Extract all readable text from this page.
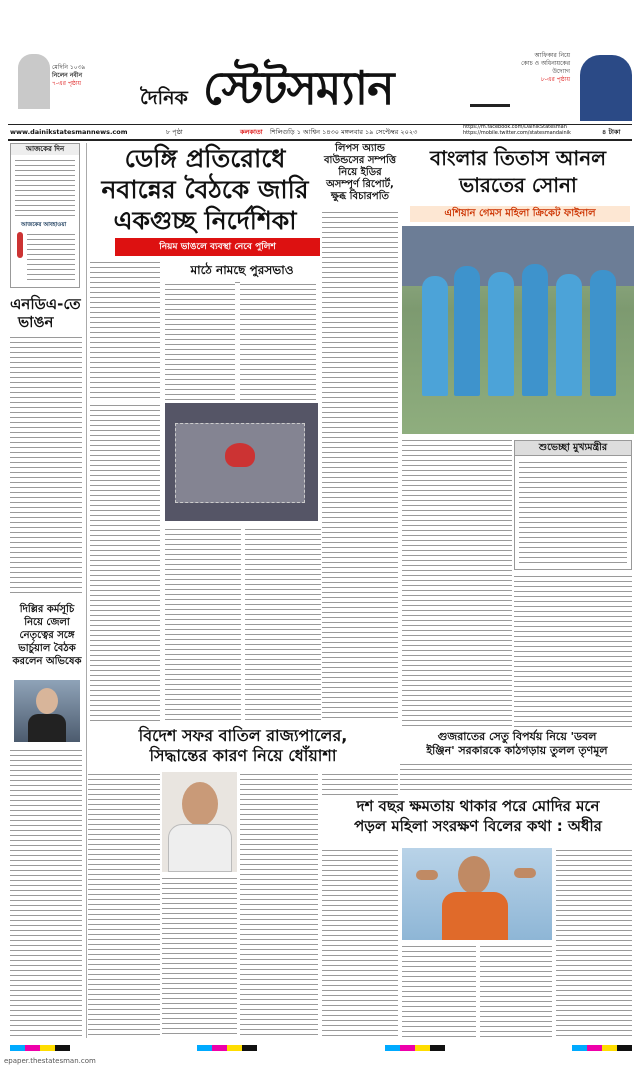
মেদিনি ১০৩৯
নিলেন নবীন
৭-এর পৃষ্ঠায়
দৈনিক স্টেটসম্যান
আফিকার নিয়ে
কোচ ও অধিনায়কের
উদ্যোগ
৮-এর পৃষ্ঠায়
www.dainikstatesmannews.com	৮ পৃষ্ঠা	কলকাতা শিলিগুড়ি ১ আশ্বিন ১৪৩০ মঙ্গলবার ১৯ সেপ্টেম্বর ২০২৩
https://m.facebook.com/DainikStatesman
https://mobile.twitter.com/statesmandainik	৪ টাকা
আজকের দিন
আজকের আবহাওয়া
এনডিএ-তে
ভাঙন
দিল্লির কর্মসূচি
নিয়ে জেলা
নেতৃত্বের সঙ্গে
ভার্চুয়াল বৈঠক
করলেন অভিষেক
ডেঙ্গি প্রতিরোধে
নবান্নের বৈঠকে জারি
একগুচ্ছ নির্দেশিকা
নিয়ম ভাঙলে ব্যবস্থা নেবে পুলিশ
মাঠে নামছে পুরসভাও
লিপস অ্যান্ড
বাউন্ডসের সম্পত্তি
নিয়ে ইডির
অসম্পূর্ণ রিপোর্ট,
ক্ষুব্ধ বিচারপতি
বাংলার তিতাস আনল
ভারতের সোনা
এশিয়ান গেমস মহিলা ক্রিকেট ফাইনাল
শুভেচ্ছা মুখ্যমন্ত্রীর
গুজরাতের সেতু বিপর্যয় নিয়ে 'ডবল
ইঞ্জিন' সরকারকে কাঠগড়ায় তুলল তৃণমূল
বিদেশ সফর বাতিল রাজ্যপালের,
সিদ্ধান্তের কারণ নিয়ে ধোঁয়াশা
দশ বছর ক্ষমতায় থাকার পরে মোদির মনে
পড়ল মহিলা সংরক্ষণ বিলের কথা : অধীর
epaper.thestatesman.com
